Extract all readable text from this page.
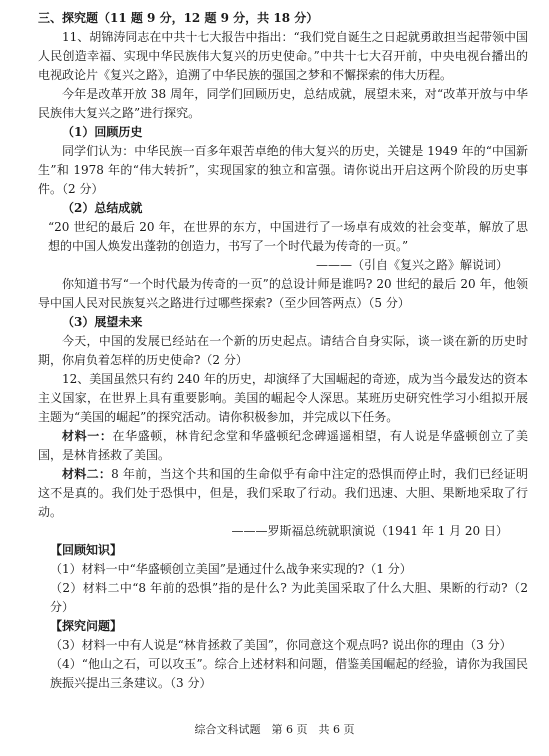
三、探究题（11 题 9 分，12 题 9 分，共 18 分）

11、胡锦涛同志在中共十七大报告中指出：“我们党自诞生之日起就勇敢担当起带领中国人民创造幸福、实现中华民族伟大复兴的历史使命。”中共十七大召开前，中央电视台播出的电视政论片《复兴之路》，追溯了中华民族的强国之梦和不懈探索的伟大历程。

今年是改革开放 38 周年，同学们回顾历史，总结成就，展望未来，对“改革开放与中华民族伟大复兴之路”进行探究。

（1）回顾历史

同学们认为：中华民族一百多年艰苦卓绝的伟大复兴的历史，关键是 1949 年的“中国新生”和 1978 年的“伟大转折”，实现国家的独立和富强。请你说出开启这两个阶段的历史事件。（2 分）

（2）总结成就

“20 世纪的最后 20 年，在世界的东方，中国进行了一场卓有成效的社会变革，解放了思想的中国人焕发出蓬勃的创造力，书写了一个时代最为传奇的一页。”

———（引自《复兴之路》解说词）

你知道书写“一个时代最为传奇的一页”的总设计师是谁吗? 20 世纪的最后 20 年，他领导中国人民对民族复兴之路进行过哪些探索?（至少回答两点）（5 分）

（3）展望未来

今天，中国的发展已经站在一个新的历史起点。请结合自身实际，谈一谈在新的历史时期，你肩负着怎样的历史使命?（2 分）

12、美国虽然只有约 240 年的历史，却演绎了大国崛起的奇迹，成为当今最发达的资本主义国家，在世界上具有重要影响。美国的崛起令人深思。某班历史研究性学习小组拟开展主题为“美国的崛起”的探究活动。请你积极参加，并完成以下任务。

材料一：在华盛顿，林肯纪念堂和华盛顿纪念碑遥遥相望，有人说是华盛顿创立了美国，是林肯拯救了美国。

材料二：8 年前，当这个共和国的生命似乎有命中注定的恐惧而停止时，我们已经证明这不是真的。我们处于恐惧中，但是，我们采取了行动。我们迅速、大胆、果断地采取了行动。

———罗斯福总统就职演说（1941 年 1 月 20 日）

【回顾知识】

（1）材料一中“华盛顿创立美国”是通过什么战争来实现的?（1 分）

（2）材料二中“8 年前的恐惧”指的是什么? 为此美国采取了什么大胆、果断的行动?（2 分）

【探究问题】

（3）材料一中有人说是“林肯拯救了美国”，你同意这个观点吗? 说出你的理由（3 分）

（4）“他山之石，可以攻玉”。综合上述材料和问题，借鉴美国崛起的经验，请你为我国民族振兴提出三条建议。（3 分）

综合文科试题　第 6 页　共 6 页
